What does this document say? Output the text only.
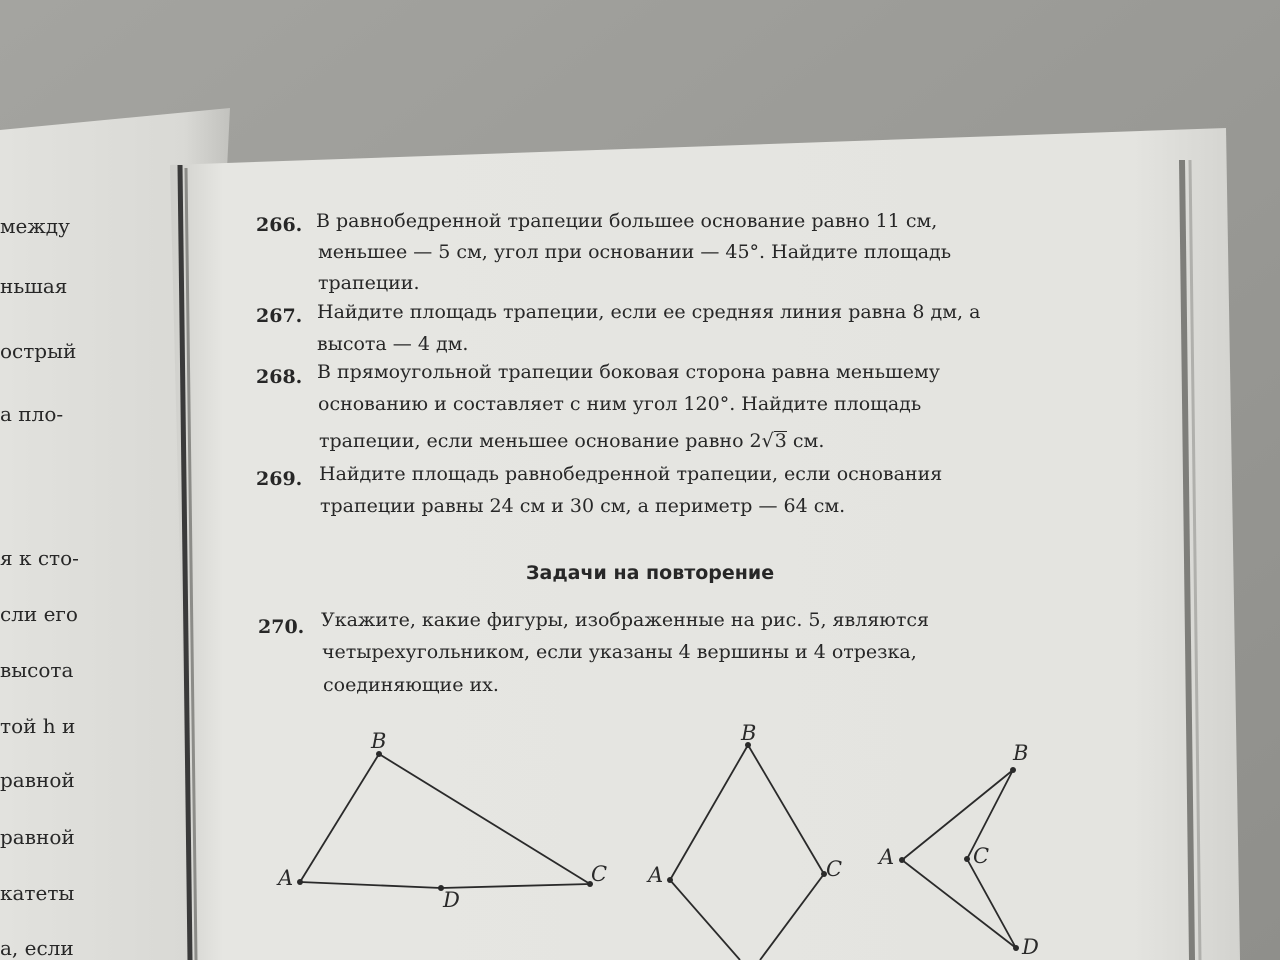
между

ньшая

острый

а пло-

я к сто-

сли его

высота

той h и

равной

равной

катеты

а, если

266. В равнобедренной трапеции большее основание равно 11 см,

меньшее — 5 см, угол при основании — 45°. Найдите площадь

трапеции.

267. Найдите площадь трапеции, если ее средняя линия равна 8 дм, а

высота — 4 дм.

268. В прямоугольной трапеции боковая сторона равна меньшему

основанию и составляет с ним угол 120°. Найдите площадь

трапеции, если меньшее основание равно 2√3 см.

269. Найдите площадь равнобедренной трапеции, если основания

трапеции равны 24 см и 30 см, а периметр — 64 см.

Задачи на повторение

270. Укажите, какие фигуры, изображенные на рис. 5, являются

четырехугольником, если указаны 4 вершины и 4 отрезка,

соединяющие их.

A
B
C
D
A
B
C A
B
C
D
